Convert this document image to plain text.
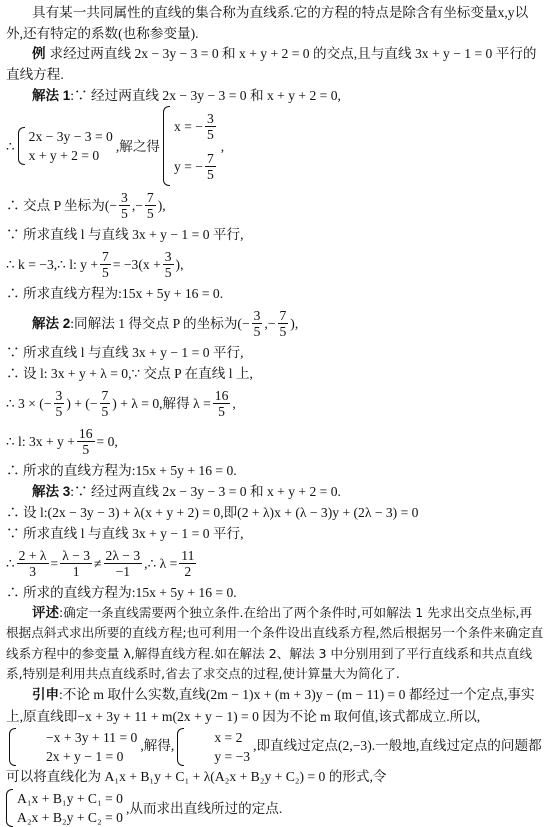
具有某一共同属性的直线的集合称为直线系.它的方程的特点是除含有坐标变量x,y以外,还有特定的系数(也称参变量).
例 求经过两直线 2x − 3y − 3 = 0 和 x + y + 2 = 0 的交点,且与直线 3x + y − 1 = 0 平行的直线方程.
解法 1 :∵ 经过两直线 2x − 3y − 3 = 0 和 x + y + 2 = 0,
∴
2x − 3y − 3 = 0
x + y + 2 = 0
,解之得
x = − $\frac{3}{5}$
y = − $\frac{7}{5}$
,
∴ 交点 P 坐标为(− $\frac{3}{5}$ ,− $\frac{7}{5}$ ),
∵ 所求直线 l 与直线 3x + y − 1 = 0 平行,
∴ k = −3,∴ l: $y + \frac{7}{5} = -3(x + \frac{3}{5}$ ),
∴ 所求直线方程为:15x + 5y + 16 = 0.
解法 2 :同解法 1 得交点 P 的坐标为(− $\frac{3}{5}$ ,− $\frac{7}{5}$ ),
∵ 所求直线 l 与直线 3x + y − 1 = 0 平行,
∴ 设 l: 3x + y + λ = 0,∵ 交点 P 在直线 l 上,
∴ 3 × (− $\frac{3}{5}$ ) + (− $\frac{7}{5}$ ) + λ = 0,解得 $\lambda = \frac{16}{5}$ ,
∴ l: $3x + y + \frac{16}{5} = 0$,
∴ 所求的直线方程为:15x + 5y + 16 = 0.
解法 3 :∵ 经过两直线 2x − 3y − 3 = 0 和 x + y + 2 = 0.
∴ 设 l:(2x − 3y − 3) + λ(x + y + 2) = 0,即(2 + λ)x + (λ − 3)y + (2λ − 3) = 0
∵ 所求直线 l 与直线 3x + y − 1 = 0 平行,
∴ $\frac{2 + \lambda}{3} = \frac{\lambda - 3}{1} \ne \frac{2\lambda - 3}{-1}$ ,∴ $\lambda = \frac{11}{2}$
∴ 所求的直线方程为:15x + 5y + 16 = 0.
评述:确定一条直线需要两个独立条件.在给出了两个条件时,可如解法 1 先求出交点坐标,再根据点斜式求出所要的直线方程;也可利用一个条件设出直线系方程,然后根据另一个条件来确定直线系方程中的参变量 λ,解得直线方程.如在解法 2、解法 3 中分别用到了平行直线系和共点直线系,特别是利用共点直线系时,省去了求交点的过程,使计算量大为简化了.
引申:不论 m 取什么实数,直线(2m − 1)x + (m + 3)y − (m − 11) = 0 都经过一个定点,事实上,原直线即−x + 3y + 11 + m(2x + y − 1) = 0 因为不论 m 取何值,该式都成立.所以,
−x + 3y + 11 = 0
2x + y − 1 = 0
,解得,
x = 2
y = −3
,即直线过定点(2,−3).一般地,直线过定点的问题都可以将直线化为 A₁x + B₁y + C₁ + λ(A₂x + B₂y + C₂) = 0 的形式,令
A₁x + B₁y + C₁ = 0
A₂x + B₂y + C₂ = 0
,从而求出直线所过的定点.
